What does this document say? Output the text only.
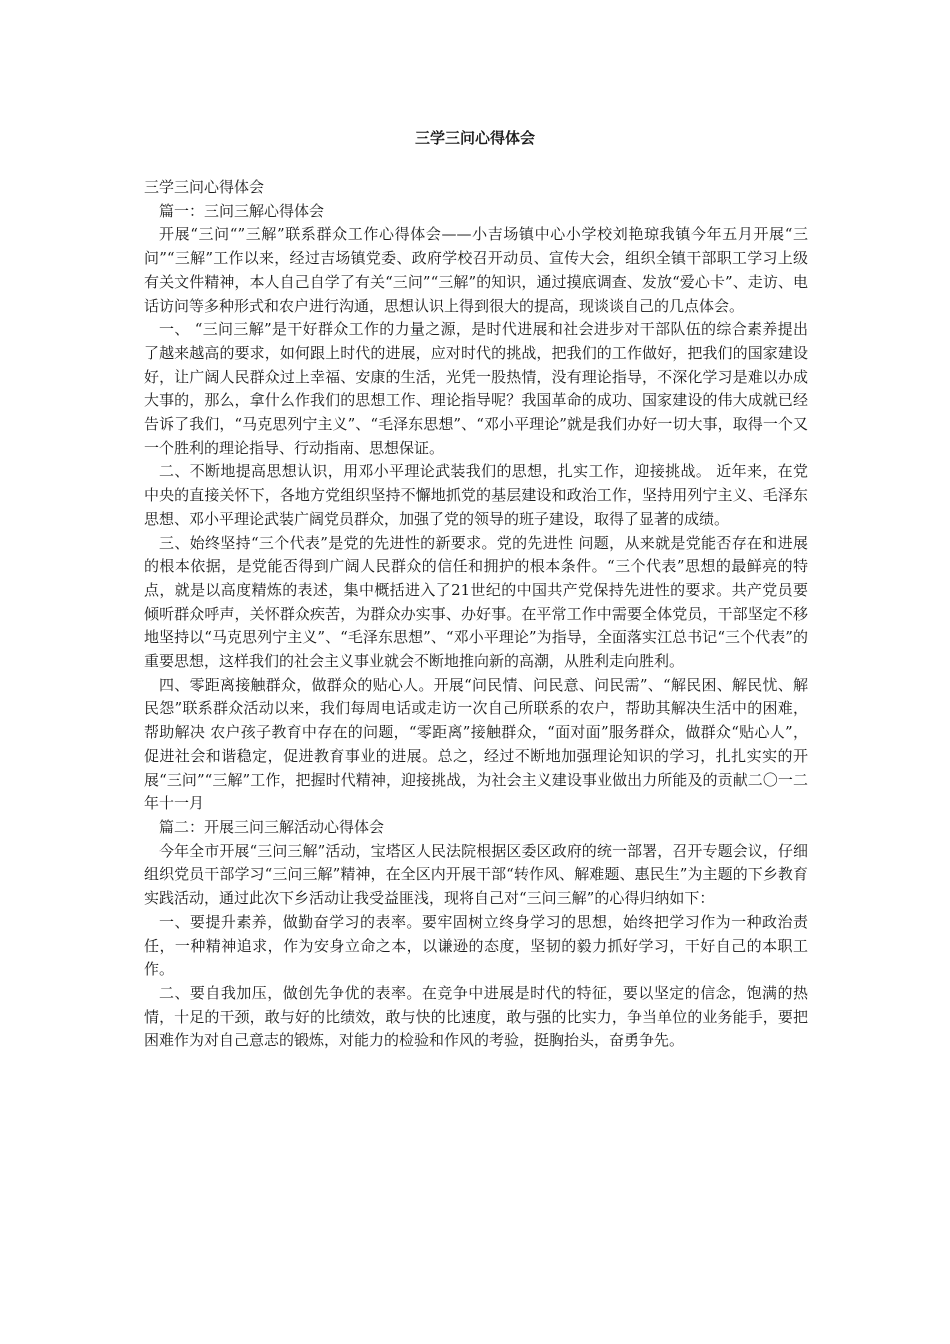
三学三问心得体会

三学三问心得体会

篇一：三问三解心得体会

开展“三问“”三解”联系群众工作心得体会——小吉场镇中心小学校刘艳琼我镇今年五月开展“三问”“三解”工作以来，经过吉场镇党委、政府学校召开动员、宣传大会，组织全镇干部职工学习上级有关文件精神，本人自己自学了有关“三问”“三解”的知识，通过摸底调查、发放“爱心卡”、走访、电话访问等多种形式和农户进行沟通，思想认识上得到很大的提高，现谈谈自己的几点体会。

一、 “三问三解”是干好群众工作的力量之源，是时代进展和社会进步对干部队伍的综合素养提出了越来越高的要求，如何跟上时代的进展，应对时代的挑战，把我们的工作做好，把我们的国家建设好，让广阔人民群众过上幸福、安康的生活，光凭一股热情，没有理论指导，不深化学习是难以办成大事的，那么，拿什么作我们的思想工作、理论指导呢？我国革命的成功、国家建设的伟大成就已经告诉了我们，“马克思列宁主义”、“毛泽东思想”、“邓小平理论”就是我们办好一切大事，取得一个又一个胜利的理论指导、行动指南、思想保证。

二、不断地提高思想认识，用邓小平理论武装我们的思想，扎实工作，迎接挑战。 近年来，在党中央的直接关怀下，各地方党组织坚持不懈地抓党的基层建设和政治工作，坚持用列宁主义、毛泽东思想、邓小平理论武装广阔党员群众，加强了党的领导的班子建设，取得了显著的成绩。

三、始终坚持“三个代表”是党的先进性的新要求。党的先进性 问题，从来就是党能否存在和进展的根本依据，是党能否得到广阔人民群众的信任和拥护的根本条件。“三个代表”思想的最鲜亮的特点，就是以高度精炼的表述，集中概括进入了21世纪的中国共产党保持先进性的要求。共产党员要倾听群众呼声，关怀群众疾苦，为群众办实事、办好事。在平常工作中需要全体党员，干部坚定不移地坚持以“马克思列宁主义”、“毛泽东思想”、“邓小平理论”为指导，全面落实江总书记“三个代表”的重要思想，这样我们的社会主义事业就会不断地推向新的高潮，从胜利走向胜利。

四、零距离接触群众，做群众的贴心人。开展“问民情、问民意、问民需”、“解民困、解民忧、解民怨”联系群众活动以来，我们每周电话或走访一次自己所联系的农户，帮助其解决生活中的困难，帮助解决 农户孩子教育中存在的问题，“零距离”接触群众，“面对面”服务群众，做群众“贴心人”，促进社会和谐稳定，促进教育事业的进展。总之，经过不断地加强理论知识的学习，扎扎实实的开展“三问”“三解”工作，把握时代精神，迎接挑战，为社会主义建设事业做出力所能及的贡献二〇一二年十一月

篇二：开展三问三解活动心得体会

今年全市开展“三问三解”活动，宝塔区人民法院根据区委区政府的统一部署，召开专题会议，仔细组织党员干部学习“三问三解”精神，在全区内开展干部“转作风、解难题、惠民生”为主题的下乡教育实践活动，通过此次下乡活动让我受益匪浅，现将自己对“三问三解”的心得归纳如下：

一、要提升素养，做勤奋学习的表率。要牢固树立终身学习的思想，始终把学习作为一种政治责任，一种精神追求，作为安身立命之本，以谦逊的态度，坚韧的毅力抓好学习，干好自己的本职工作。

二、要自我加压，做创先争优的表率。在竞争中进展是时代的特征，要以坚定的信念，饱满的热情，十足的干颈，敢与好的比绩效，敢与快的比速度，敢与强的比实力，争当单位的业务能手，要把困难作为对自己意志的锻炼，对能力的检验和作风的考验，挺胸抬头，奋勇争先。
